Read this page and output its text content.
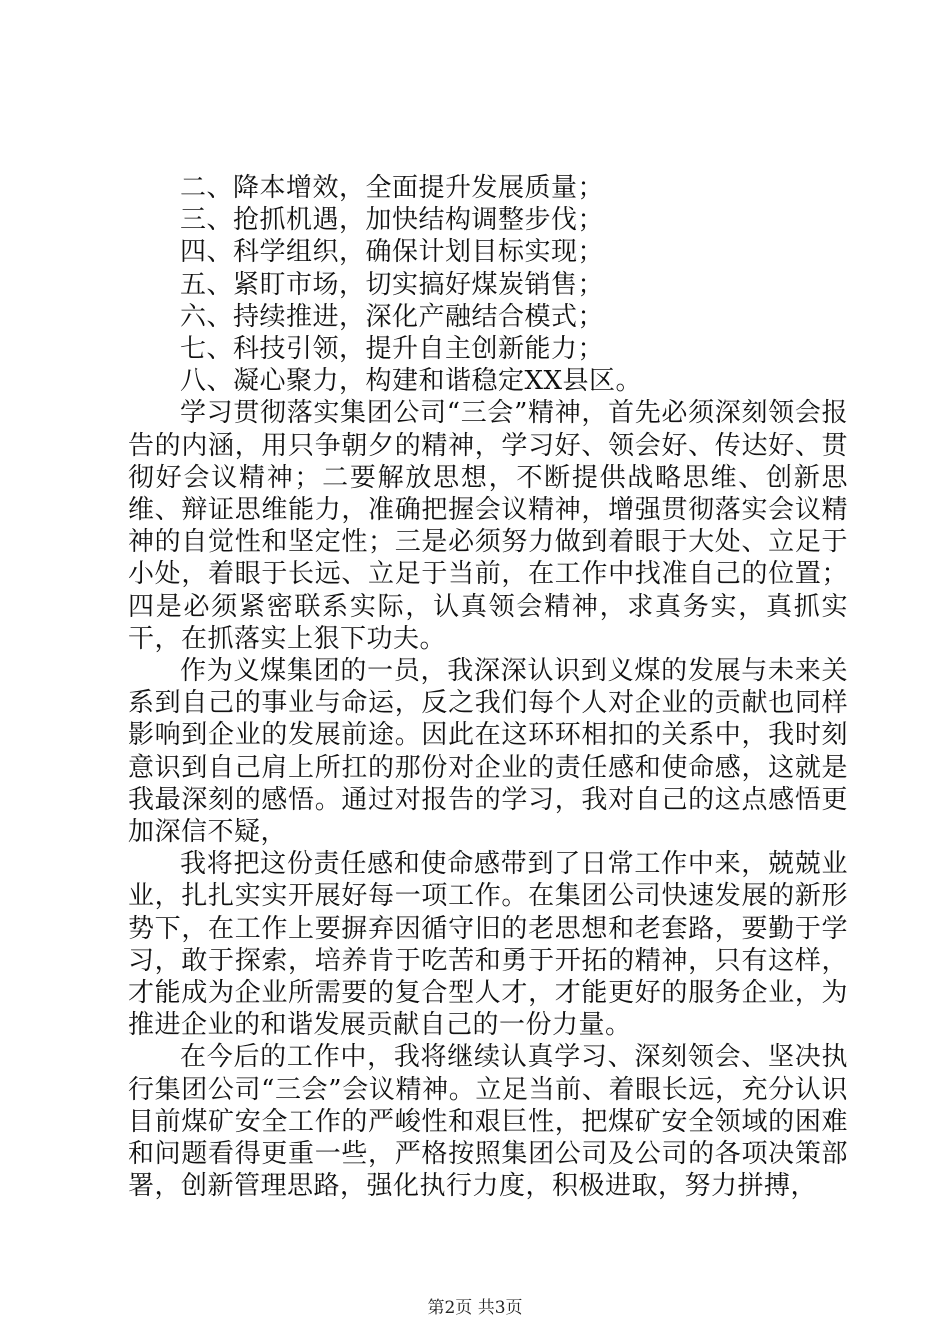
二、降本增效，全面提升发展质量；
三、抢抓机遇，加快结构调整步伐；
四、科学组织，确保计划目标实现；
五、紧盯市场，切实搞好煤炭销售；
六、持续推进，深化产融结合模式；
七、科技引领，提升自主创新能力；
八、凝心聚力，构建和谐稳定XX县区。

学习贯彻落实集团公司“三会”精神，首先必须深刻领会报告的内涵，用只争朝夕的精神，学习好、领会好、传达好、贯彻好会议精神；二要解放思想，不断提供战略思维、创新思维、辩证思维能力，准确把握会议精神，增强贯彻落实会议精神的自觉性和坚定性；三是必须努力做到着眼于大处、立足于小处，着眼于长远、立足于当前，在工作中找准自己的位置；四是必须紧密联系实际，认真领会精神，求真务实，真抓实干，在抓落实上狠下功夫。

作为义煤集团的一员，我深深认识到义煤的发展与未来关系到自己的事业与命运，反之我们每个人对企业的贡献也同样影响到企业的发展前途。因此在这环环相扣的关系中，我时刻意识到自己肩上所扛的那份对企业的责任感和使命感，这就是我最深刻的感悟。通过对报告的学习，我对自己的这点感悟更加深信不疑，

我将把这份责任感和使命感带到了日常工作中来，兢兢业业，扎扎实实开展好每一项工作。在集团公司快速发展的新形势下，在工作上要摒弃因循守旧的老思想和老套路，要勤于学习，敢于探索，培养肯于吃苦和勇于开拓的精神，只有这样，才能成为企业所需要的复合型人才，才能更好的服务企业，为推进企业的和谐发展贡献自己的一份力量。

在今后的工作中，我将继续认真学习、深刻领会、坚决执行集团公司“三会”会议精神。立足当前、着眼长远，充分认识目前煤矿安全工作的严峻性和艰巨性，把煤矿安全领域的困难和问题看得更重一些，严格按照集团公司及公司的各项决策部署，创新管理思路，强化执行力度，积极进取，努力拼搏，

第2页 共3页
